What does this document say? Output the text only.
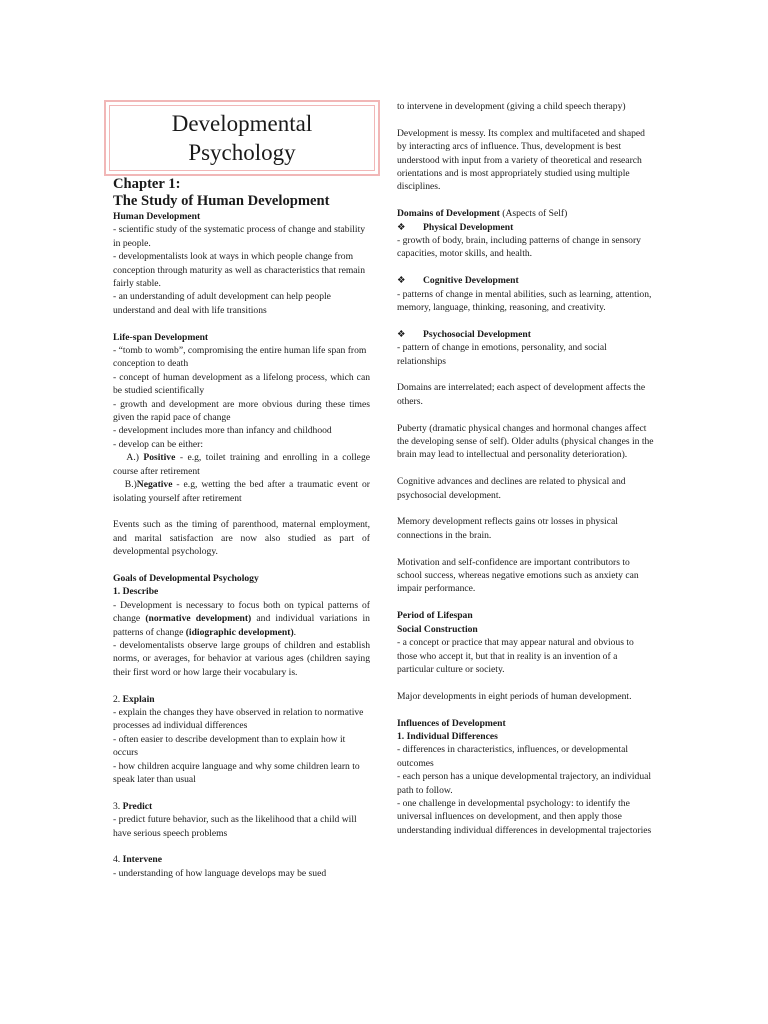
Developmental
Psychology

Chapter 1:

The Study of Human Development

Human Development

- scientific study of the systematic process of change and stability in people.

- developmentalists look at ways in which people change from conception through maturity as well as characteristics that remain fairly stable.

- an understanding of adult development can help people understand and deal with life transitions

Life-span Development

- “tomb to womb”, compromising the entire human life span from conception to death

- concept of human development as a lifelong process, which can be studied scientifically

- growth and development are more obvious during these times given the rapid pace of change

- development includes more than infancy and childhood

- develop can be either:

A.) Positive - e.g, toilet training and enrolling in a college course after retirement

B.)Negative - e.g, wetting the bed after a traumatic event or isolating yourself after retirement

Events such as the timing of parenthood, maternal employment, and marital satisfaction are now also studied as part of developmental psychology.

Goals of Developmental Psychology

1. Describe

- Development is necessary to focus both on typical patterns of change (normative development) and individual variations in patterns of change (idiographic development).

- develomentalists observe large groups of children and establish norms, or averages, for behavior at various ages (children saying their first word or how large their vocabulary is.

2. Explain

- explain the changes they have observed in relation to normative processes ad individual differences

- often easier to describe development than to explain how it occurs

- how children acquire language and why some children learn to speak later than usual

3. Predict

- predict future behavior, such as the likelihood that a child will have serious speech problems

4. Intervene

- understanding of how language develops may be sued

to intervene in development (giving a child speech therapy)

Development is messy. Its complex and multifaceted and shaped by interacting arcs of influence. Thus, development is best understood with input from a variety of theoretical and research orientations and is most appropriately studied using multiple disciplines.

Domains of Development (Aspects of Self)

❖ Physical Development

- growth of body, brain, including patterns of change in sensory capacities, motor skills, and health.

❖ Cognitive Development

- patterns of change in mental abilities, such as learning, attention, memory, language, thinking, reasoning, and creativity.

❖ Psychosocial Development

- pattern of change in emotions, personality, and social relationships

Domains are interrelated; each aspect of development affects the others.

Puberty (dramatic physical changes and hormonal changes affect the developing sense of self). Older adults (physical changes in the brain may lead to intellectual and personality deterioration).

Cognitive advances and declines are related to physical and psychosocial development.

Memory development reflects gains otr losses in physical connections in the brain.

Motivation and self-confidence are important contributors to school success, whereas negative emotions such as anxiety can impair performance.

Period of Lifespan

Social Construction

- a concept or practice that may appear natural and obvious to those who accept it, but that in reality is an invention of a particular culture or society.

Major developments in eight periods of human development.

Influences of Development

1. Individual Differences

- differences in characteristics, influences, or developmental outcomes

- each person has a unique developmental trajectory, an individual path to follow.

- one challenge in developmental psychology: to identify the universal influences on development, and then apply those understanding individual differences in developmental trajectories
